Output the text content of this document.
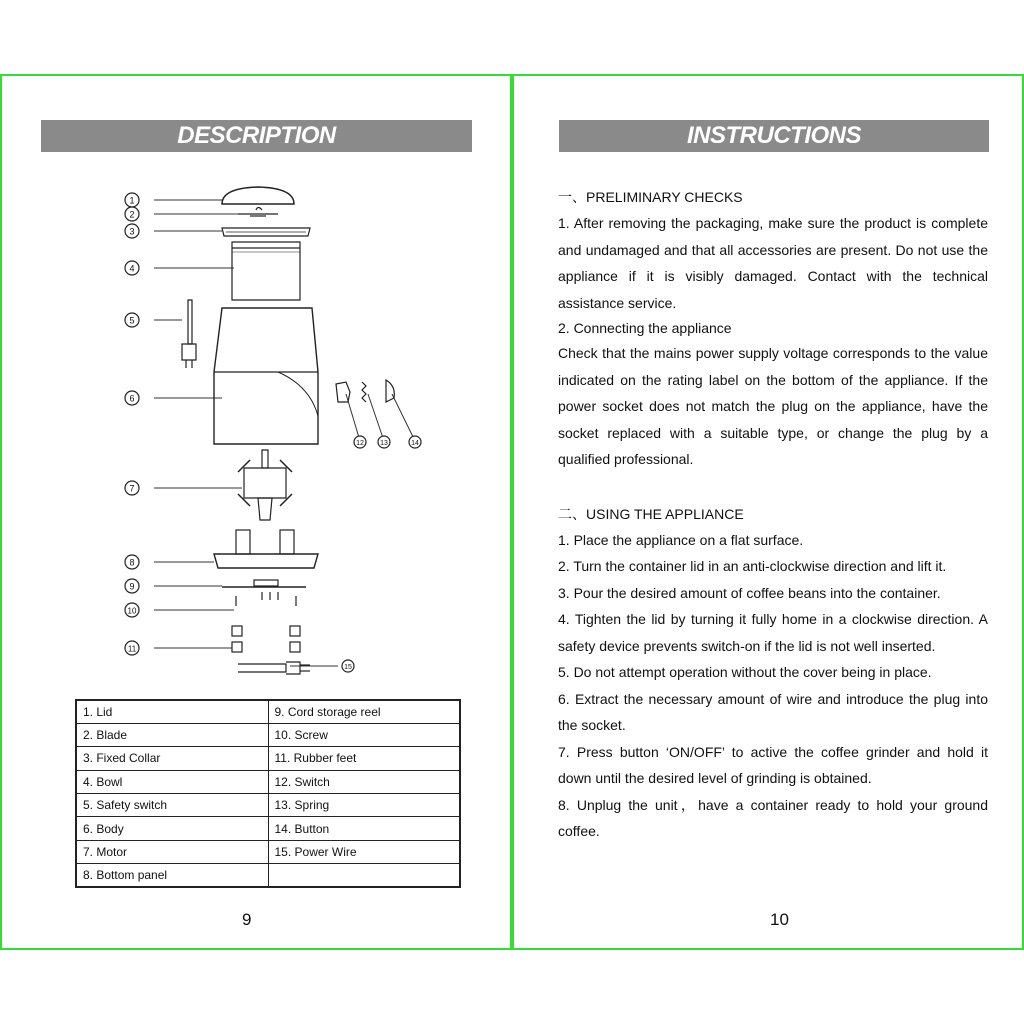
DESCRIPTION
1
2
3
4
5
6
7
8
9
10
11
12 13	14
15
1. Lid	9. Cord storage reel
2. Blade	10. Screw
3. Fixed Collar	11. Rubber feet
4. Bowl	12. Switch
5. Safety switch	13. Spring
6. Body	14. Button
7. Motor	15. Power Wire
8. Bottom panel	
9
INSTRUCTIONS

一、PRELIMINARY CHECKS

1. After removing the packaging, make sure the product is complete and undamaged and that all accessories are present. Do not use the appliance if it is visibly damaged. Contact with the technical assistance service.

2. Connecting the appliance

Check that the mains power supply voltage corresponds to the value indicated on the rating label on the bottom of the appliance. If the power socket does not match the plug on the appliance, have the socket replaced with a suitable type, or change the plug by a qualified professional.

二、USING THE APPLIANCE

1. Place the appliance on a flat surface.

2. Turn the container lid in an anti-clockwise direction and lift it.

3. Pour the desired amount of coffee beans into the container.

4. Tighten the lid by turning it fully home in a clockwise direction. A safety device prevents switch-on if the lid is not well inserted.

5. Do not attempt operation without the cover being in place.

6. Extract the necessary amount of wire and introduce the plug into the socket.

7. Press button ‘ON/OFF’ to active the coffee grinder and hold it down until the desired level of grinding is obtained.

8. Unplug the unit，have a container ready to hold your ground coffee.

10
